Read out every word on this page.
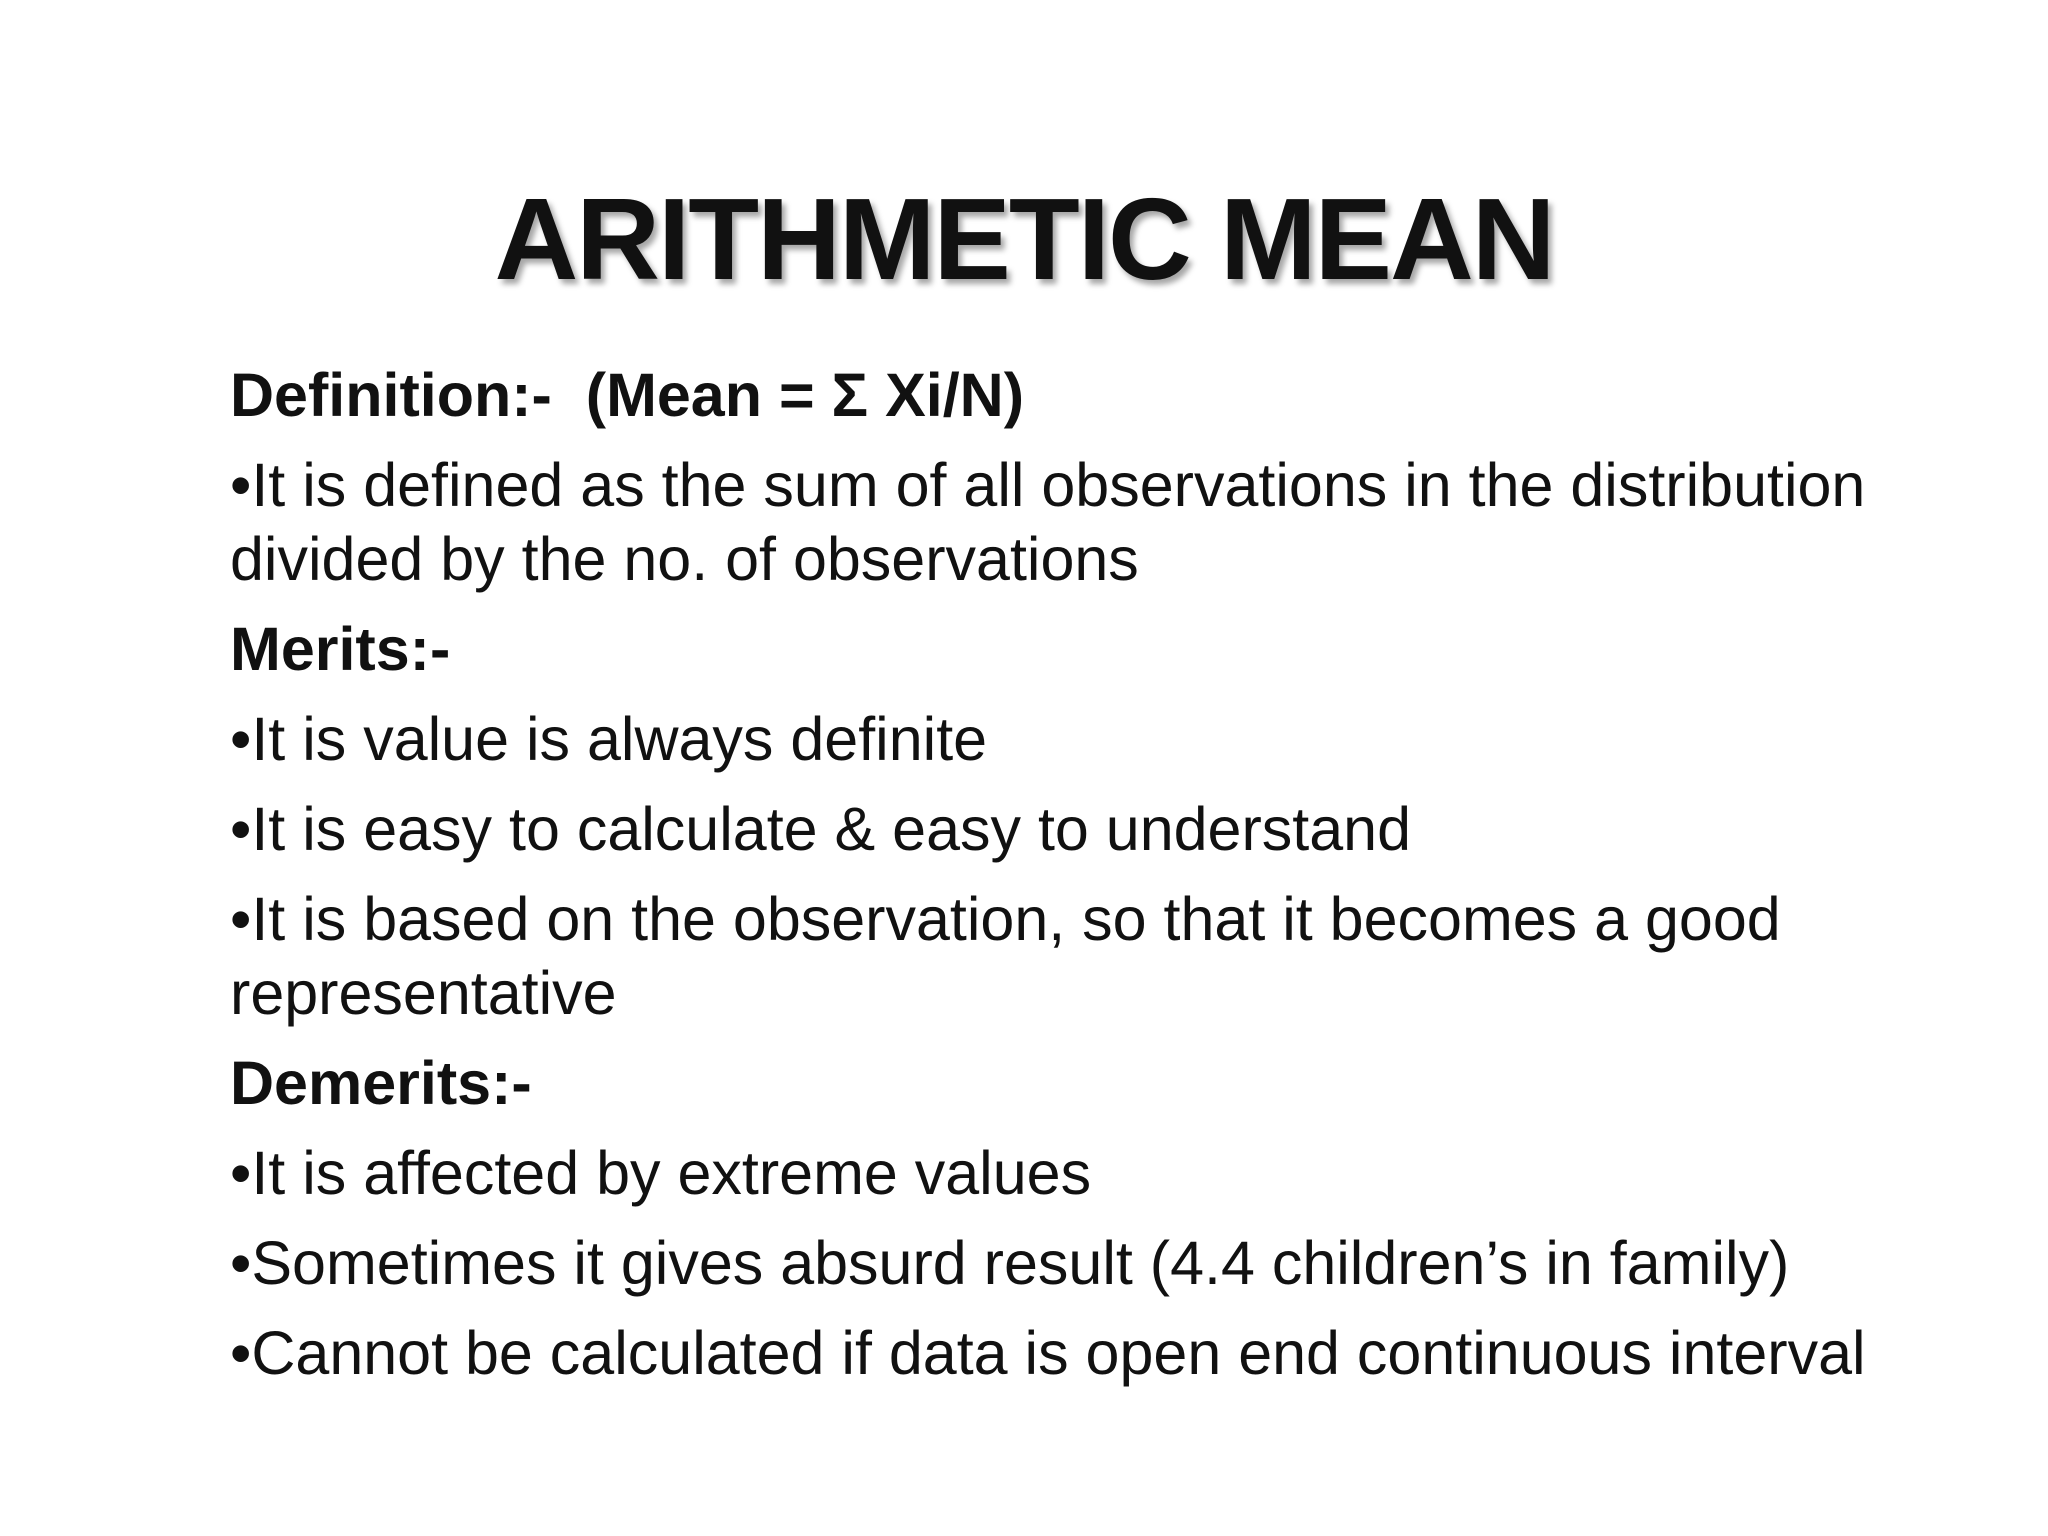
ARITHMETIC MEAN
Definition:-  (Mean = Σ Xi/N)
•It is defined as the sum of all observations in the distribution divided by the no. of observations
Merits:-
•It is value is always definite
•It is easy to calculate & easy to understand
•It is based on the observation, so that it becomes a good representative
Demerits:-
•It is affected by extreme values
•Sometimes it gives absurd result (4.4 children’s in family)
•Cannot be calculated if data is open end continuous interval
